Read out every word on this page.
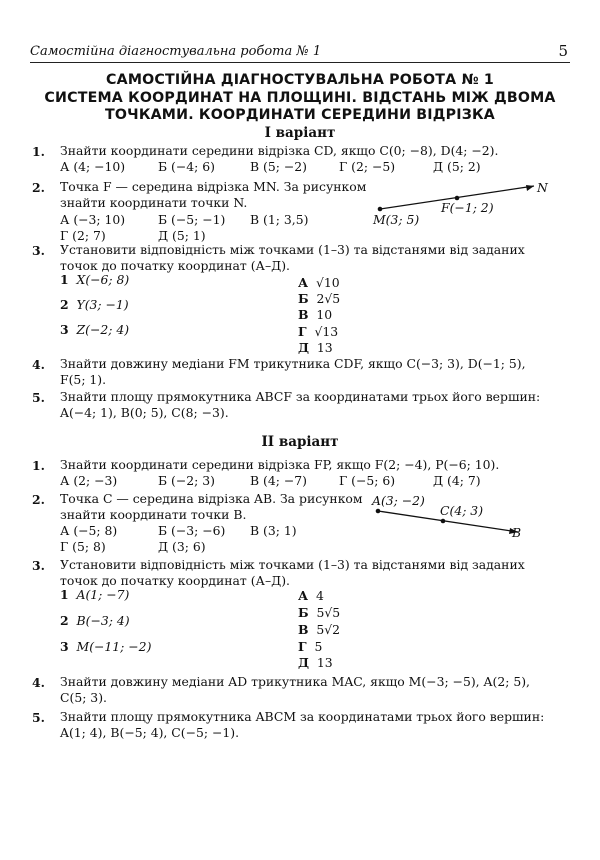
Самостійна діагностувальна робота № 1	5
САМОСТІЙНА ДІАГНОСТУВАЛЬНА РОБОТА № 1
СИСТЕМА КООРДИНАТ НА ПЛОЩИНІ. ВІДСТАНЬ МІЖ ДВОМА
ТОЧКАМИ. КООРДИНАТИ СЕРЕДИНИ ВІДРІЗКА
I варіант
1. Знайти координати середини відрізка CD, якщо C(0; −8), D(4; −2).
А (4; −10)	Б (−4; 6)	В (5; −2)	Г (2; −5)	Д (5; 2)
2. Точка F — середина відрізка MN. За рисунком
знайти координати точки N.
А (−3; 10)	Б (−5; −1) В (1; 3,5)
Г (2; 7)	Д (5; 1)
M(3; 5)
F(−1; 2)
N
3. Установити відповідність між точками (1–3) та відстанями від заданих
точок до початку координат (А–Д).
1 X(−6; 8)
2 Y(3; −1)
3 Z(−2; 4)
А √10
Б 2√5
В 10
Г √13
Д 13
4. Знайти довжину медіани FM трикутника CDF, якщо C(−3; 3), D(−1; 5),
F(5; 1).
5. Знайти площу прямокутника ABCF за координатами трьох його вершин:
A(−4; 1), B(0; 5), C(8; −3).
II варіант
1. Знайти координати середини відрізка FP, якщо F(2; −4), P(−6; 10).
А (2; −3)	Б (−2; 3)	В (4; −7)	Г (−5; 6)	Д (4; 7)
2. Точка C — середина відрізка AB. За рисунком
знайти координати точки B.
А (−5; 8)	Б (−3; −6) В (3; 1)
Г (5; 8)	Д (3; 6)
A(3; −2)
C(4; 3)
B
3. Установити відповідність між точками (1–3) та відстанями від заданих
точок до початку координат (А–Д).
1 A(1; −7)
2 B(−3; 4)
3 M(−11; −2)
А 4
Б 5√5
В 5√2
Г 5
Д 13
4. Знайти довжину медіани AD трикутника MAC, якщо M(−3; −5), A(2; 5),
C(5; 3).
5. Знайти площу прямокутника ABCM за координатами трьох його вершин:
A(1; 4), B(−5; 4), C(−5; −1).
